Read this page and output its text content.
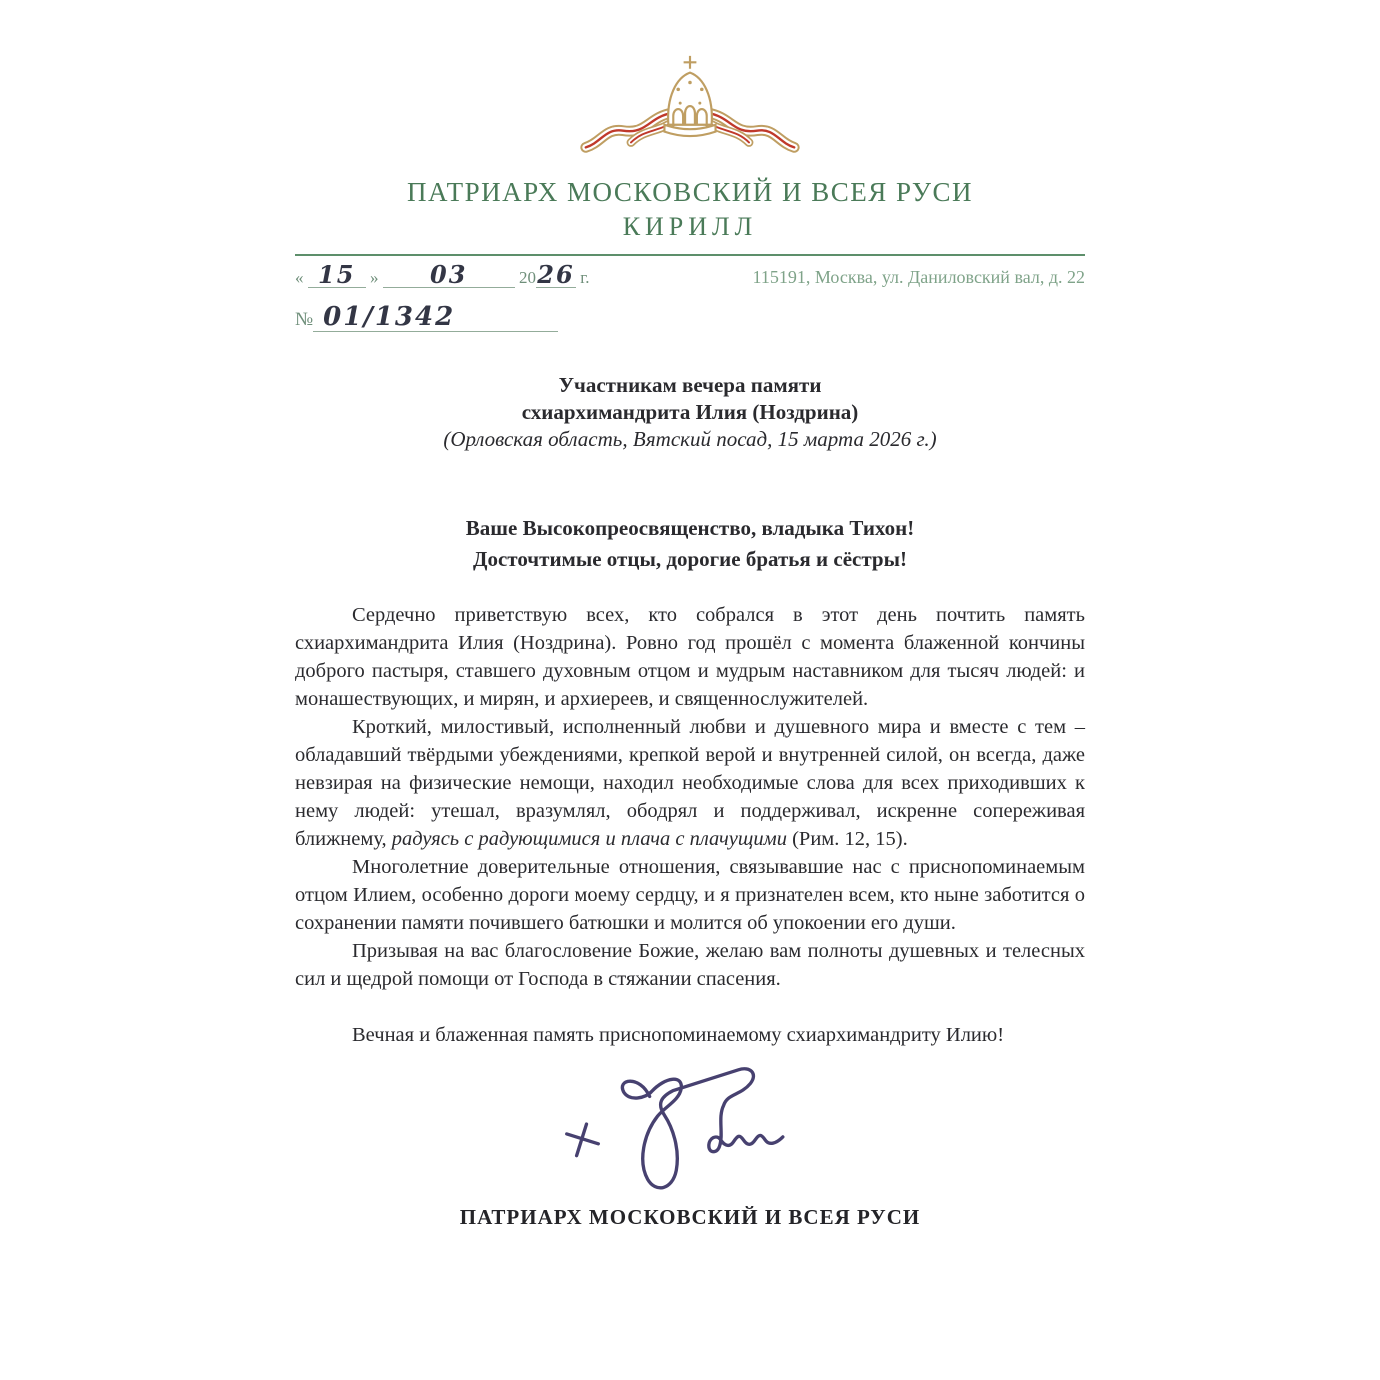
ПАТРИАРХ МОСКОВСКИЙ И ВСЕЯ РУСИ
КИРИЛЛ
« 15 » 03	2026 г.	115191, Москва, ул. Даниловский вал, д. 22
№ 01/1342
Участникам вечера памяти
схиархимандрита Илия (Ноздрина)
(Орловская область, Вятский посад, 15 марта 2026 г.)
Ваше Высокопреосвященство, владыка Тихон!
Досточтимые отцы, дорогие братья и сёстры!

Сердечно приветствую всех, кто собрался в этот день почтить память схиархимандрита Илия (Ноздрина). Ровно год прошёл с момента блаженной кончины доброго пастыря, ставшего духовным отцом и мудрым наставником для тысяч людей: и монашествующих, и мирян, и архиереев, и священнослужителей.

Кроткий, милостивый, исполненный любви и душевного мира и вместе с тем – обладавший твёрдыми убеждениями, крепкой верой и внутренней силой, он всегда, даже невзирая на физические немощи, находил необходимые слова для всех приходивших к нему людей: утешал, вразумлял, ободрял и поддерживал, искренне сопереживая ближнему, радуясь с радующимися и плача с плачущими (Рим. 12, 15).

Многолетние доверительные отношения, связывавшие нас с приснопоминаемым отцом Илием, особенно дороги моему сердцу, и я признателен всем, кто ныне заботится о сохранении памяти почившего батюшки и молится об упокоении его души.

Призывая на вас благословение Божие, желаю вам полноты душевных и телесных сил и щедрой помощи от Господа в стяжании спасения.

Вечная и блаженная память приснопоминаемому схиархимандриту Илию!

ПАТРИАРХ МОСКОВСКИЙ И ВСЕЯ РУСИ
